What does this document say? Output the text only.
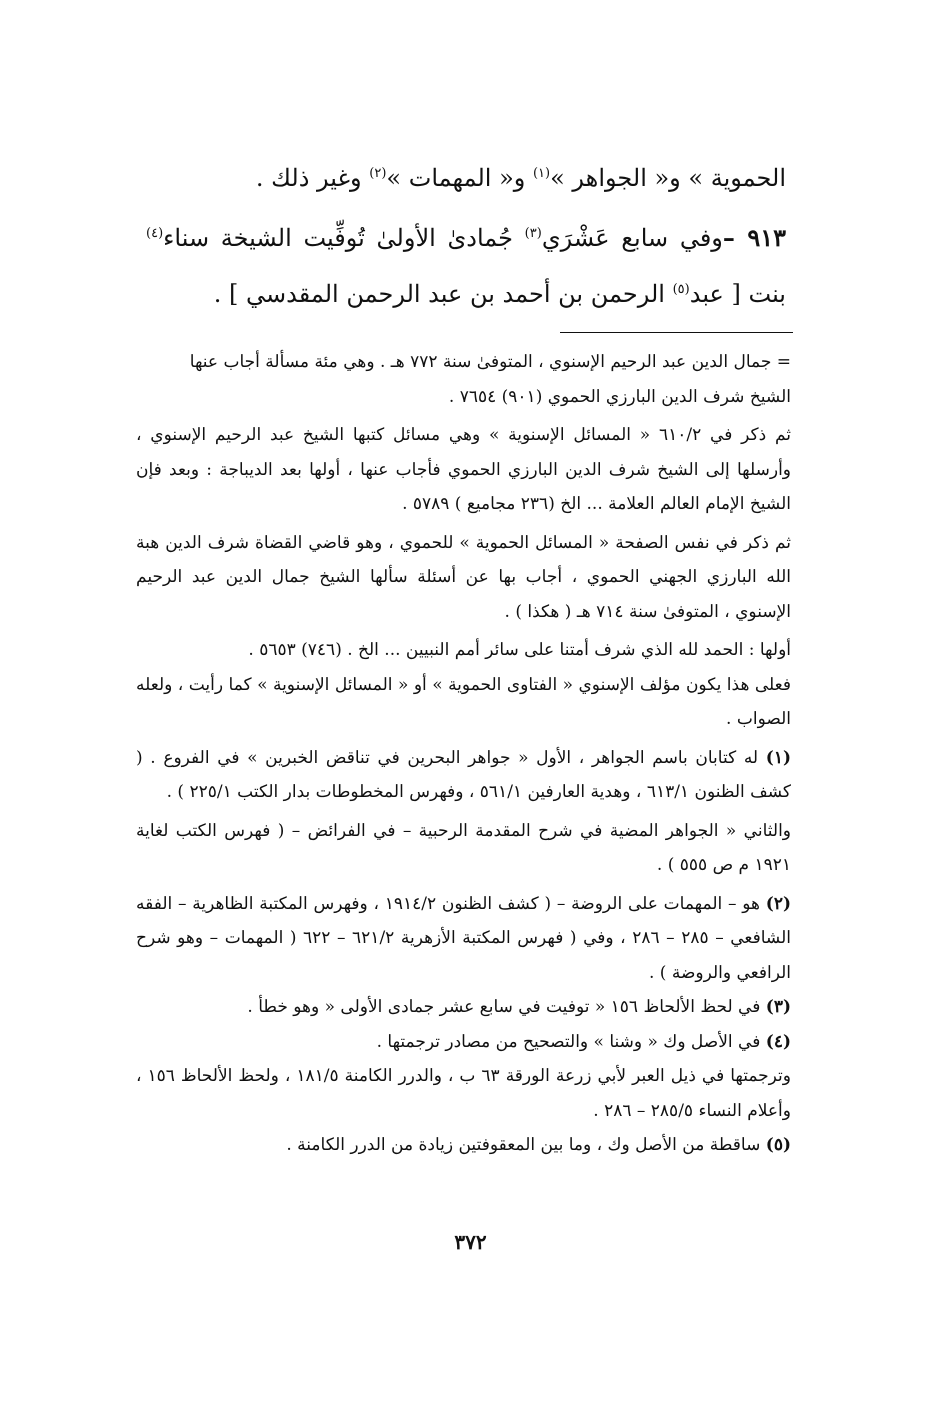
الحموية » و« الجواهر »$^{(١)}$ و« المهمات »$^{(٢)}$ وغير ذلك .

٩١٣ –وفي سابع عَشْرَي$^{(٣)}$ جُمادىٰ الأولىٰ تُوفِّيت الشيخة سناء$^{(٤)}$ بنت [ عبد$^{(٥)}$ الرحمن بن أحمد بن عبد الرحمن المقدسي ] .

= جمال الدين عبد الرحيم الإسنوي ، المتوفىٰ سنة ٧٧٢ هـ . وهي مئة مسألة أجاب عنها
الشيخ شرف الدين البارزي الحموي (٩٠١) ٧٦٥٤ .

ثم ذكر في ٦١٠/٢ « المسائل الإسنوية » وهي مسائل كتبها الشيخ عبد الرحيم الإسنوي ، وأرسلها إلى الشيخ شرف الدين البارزي الحموي فأجاب عنها ، أولها بعد الديباجة : وبعد فإن الشيخ الإمام العالم العلامة ... الخ (٢٣٦ مجاميع ) ٥٧٨٩ .

ثم ذكر في نفس الصفحة « المسائل الحموية » للحموي ، وهو قاضي القضاة شرف الدين هبة الله البارزي الجهني الحموي ، أجاب بها عن أسئلة سألها الشيخ جمال الدين عبد الرحيم الإسنوي ، المتوفىٰ سنة ٧١٤ هـ ( هكذا ) .

أولها : الحمد لله الذي شرف أمتنا على سائر أمم النبيين ... الخ . (٧٤٦) ٥٦٥٣ .
فعلى هذا يكون مؤلف الإسنوي « الفتاوى الحموية » أو « المسائل الإسنوية » كما رأيت ، ولعله الصواب .

(١) له كتابان باسم الجواهر ، الأول « جواهر البحرين في تناقض الخبرين » في الفروع . ( كشف الظنون ٦١٣/١ ، وهدية العارفين ٥٦١/١ ، وفهرس المخطوطات بدار الكتب ٢٢٥/١ ) .

والثاني « الجواهر المضية في شرح المقدمة الرحبية – في الفرائض – ( فهرس الكتب لغاية ١٩٢١ م ص ٥٥٥ ) .

(٢) هو – المهمات على الروضة – ( كشف الظنون ١٩١٤/٢ ، وفهرس المكتبة الظاهرية – الفقه الشافعي – ٢٨٥ – ٢٨٦ ، وفي ( فهرس المكتبة الأزهرية ٦٢١/٢ – ٦٢٢ ( المهمات – وهو شرح الرافعي والروضة ) .

(٣) في لحظ الألحاظ ١٥٦ « توفيت في سابع عشر جمادى الأولى « وهو خطأ .

(٤) في الأصل وك « وشنا » والتصحيح من مصادر ترجمتها .

وترجمتها في ذيل العبر لأبي زرعة الورقة ٦٣ ب ، والدرر الكامنة ١٨١/٥ ، ولحظ الألحاظ ١٥٦ ، وأعلام النساء ٢٨٥/٥ – ٢٨٦ .

(٥) ساقطة من الأصل وك ، وما بين المعقوفتين زيادة من الدرر الكامنة .

٣٧٢
